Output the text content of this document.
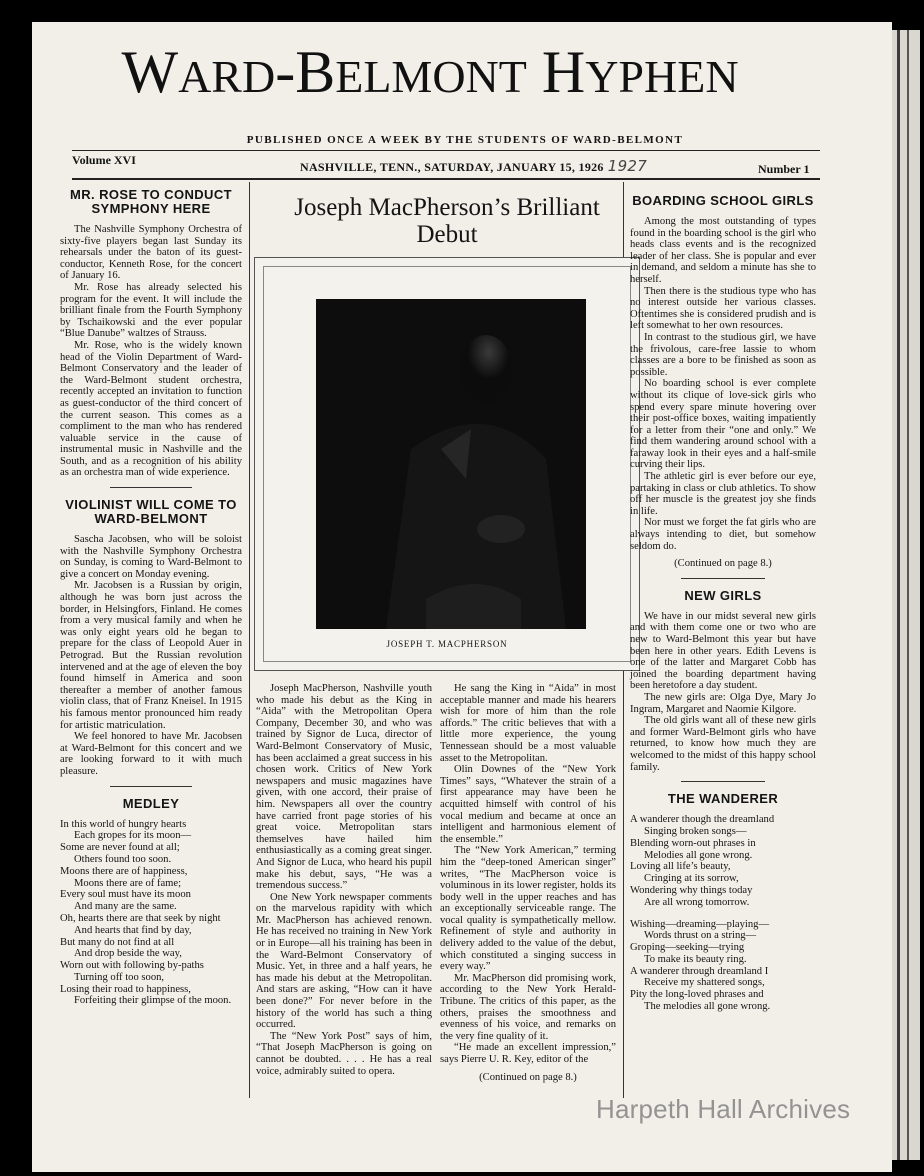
WARD-BELMONT HYPHEN
PUBLISHED ONCE A WEEK BY THE STUDENTS OF WARD-BELMONT
Volume XVI	NASHVILLE, TENN., SATURDAY, JANUARY 15, 1926 1927	Number 1
MR. ROSE TO CONDUCT SYMPHONY HERE

The Nashville Symphony Orchestra of sixty-five players began last Sunday its rehearsals under the baton of its guest-conductor, Kenneth Rose, for the concert of January 16.

Mr. Rose has already selected his program for the event. It will include the brilliant finale from the Fourth Symphony by Tschaikowski and the ever popular “Blue Danube” waltzes of Strauss.

Mr. Rose, who is the widely known head of the Violin Department of Ward-Belmont Conservatory and the leader of the Ward-Belmont student orchestra, recently accepted an invitation to function as guest-conductor of the third concert of the current season. This comes as a compliment to the man who has rendered valuable service in the cause of instrumental music in Nashville and the South, and as a recognition of his ability as an orchestra man of wide experience.

VIOLINIST WILL COME TO WARD-BELMONT

Sascha Jacobsen, who will be soloist with the Nashville Symphony Orchestra on Sunday, is coming to Ward-Belmont to give a concert on Monday evening.

Mr. Jacobsen is a Russian by origin, although he was born just across the border, in Helsingfors, Finland. He comes from a very musical family and when he was only eight years old he began to prepare for the class of Leopold Auer in Petrograd. But the Russian revolution intervened and at the age of eleven the boy found himself in America and soon thereafter a member of another famous violin class, that of Franz Kneisel. In 1915 his famous mentor pronounced him ready for artistic matriculation.

We feel honored to have Mr. Jacobsen at Ward-Belmont for this concert and we are looking forward to it with much pleasure.

MEDLEY
In this world of hungry hearts
Each gropes for its moon—
Some are never found at all;
Others found too soon.
Moons there are of happiness,
Moons there are of fame;
Every soul must have its moon
And many are the same.
Oh, hearts there are that seek by night
And hearts that find by day,
But many do not find at all
And drop beside the way,
Worn out with following by-paths
Turning off too soon,
Losing their road to happiness,
Forfeiting their glimpse of the moon.
Joseph MacPherson’s Brilliant Debut
JOSEPH T. MACPHERSON

Joseph MacPherson, Nashville youth who made his debut as the King in “Aida” with the Metropolitan Opera Company, December 30, and who was trained by Signor de Luca, director of Ward-Belmont Conservatory of Music, has been acclaimed a great success in his chosen work. Critics of New York newspapers and music magazines have given, with one accord, their praise of him. Newspapers all over the country have carried front page stories of his great voice. Metropolitan stars themselves have hailed him enthusiastically as a coming great singer. And Signor de Luca, who heard his pupil make his debut, says, “He was a tremendous success.”

One New York newspaper comments on the marvelous rapidity with which Mr. MacPherson has achieved renown. He has received no training in New York or in Europe—all his training has been in the Ward-Belmont Conservatory of Music. Yet, in three and a half years, he has made his debut at the Metropolitan. And stars are asking, “How can it have been done?” For never before in the history of the world has such a thing occurred.

The “New York Post” says of him, “That Joseph MacPherson is going on cannot be doubted. . . . He has a real voice, admirably suited to opera.

He sang the King in “Aida” in most acceptable manner and made his hearers wish for more of him than the role affords.” The critic believes that with a little more experience, the young Tennessean should be a most valuable asset to the Metropolitan.

Olin Downes of the “New York Times” says, “Whatever the strain of a first appearance may have been he acquitted himself with control of his vocal medium and became at once an intelligent and harmonious element of the ensemble.”

The “New York American,” terming him the “deep-toned American singer” writes, “The MacPherson voice is voluminous in its lower register, holds its body well in the upper reaches and has an exceptionally serviceable range. The vocal quality is sympathetically mellow. Refinement of style and authority in delivery added to the value of the debut, which constituted a singing success in every way.”

Mr. MacPherson did promising work, according to the New York Herald-Tribune. The critics of this paper, as the others, praises the smoothness and evenness of his voice, and remarks on the very fine quality of it.

“He made an excellent impression,” says Pierre U. R. Key, editor of the

(Continued on page 8.)
BOARDING SCHOOL GIRLS

Among the most outstanding of types found in the boarding school is the girl who heads class events and is the recognized leader of her class. She is popular and ever in demand, and seldom a minute has she to herself.

Then there is the studious type who has no interest outside her various classes. Oftentimes she is considered prudish and is left somewhat to her own resources.

In contrast to the studious girl, we have the frivolous, care-free lassie to whom classes are a bore to be finished as soon as possible.

No boarding school is ever complete without its clique of love-sick girls who spend every spare minute hovering over their post-office boxes, waiting impatiently for a letter from their “one and only.” We find them wandering around school with a faraway look in their eyes and a half-smile curving their lips.

The athletic girl is ever before our eye, partaking in class or club athletics. To show off her muscle is the greatest joy she finds in life.

Nor must we forget the fat girls who are always intending to diet, but somehow seldom do.

(Continued on page 8.)
NEW GIRLS

We have in our midst several new girls and with them come one or two who are new to Ward-Belmont this year but have been here in other years. Edith Levens is one of the latter and Margaret Cobb has joined the boarding department having been heretofore a day student.

The new girls are: Olga Dye, Mary Jo Ingram, Margaret and Naomie Kilgore.

The old girls want all of these new girls and former Ward-Belmont girls who have returned, to know how much they are welcomed to the midst of this happy school family.

THE WANDERER
A wanderer though the dreamland
Singing broken songs—
Blending worn-out phrases in
Melodies all gone wrong.
Loving all life’s beauty,
Cringing at its sorrow,
Wondering why things today
Are all wrong tomorrow.
Wishing—dreaming—playing—
Words thrust on a string—
Groping—seeking—trying
To make its beauty ring.
A wanderer through dreamland I
Receive my shattered songs,
Pity the long-loved phrases and
The melodies all gone wrong.
Harpeth Hall Archives
